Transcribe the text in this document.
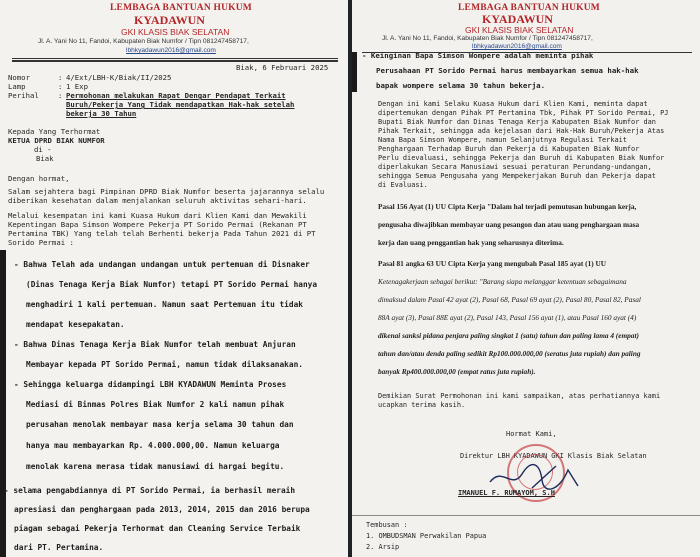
LEMBAGA BANTUAN HUKUM
KYADAWUN
GKI KLASIS BIAK SELATAN
Jl. A. Yani No 11, Fandoi, Kabupaten Biak Numfor / Tipn 081247458717,
lbhkyadawun2016@gmail.com
Biak, 6 Februari 2025
Nomor	: 4/Ext/LBH-K/Biak/II/2025
Lamp	: 1 Exp
Perihal	: Permohonan melakukan Rapat Dengar Pendapat Terkait
Buruh/Pekerja Yang Tidak mendapatkan Hak-hak setelah
bekerja 30 Tahun
Kepada Yang Terhormat
KETUA DPRD BIAK NUMFOR
di -
Biak
Dengan hormat,
Salam sejahtera bagi Pimpinan DPRD Biak Numfor beserta jajarannya selalu
diberikan kesehatan dalam menjalankan seluruh aktivitas sehari-hari.
Melalui kesempatan ini kami Kuasa Hukum dari Klien Kami dan Mewakili
Kepentingan Bapa Simson Wompere Pekerja PT Sorido Permai (Rekanan PT
Pertamina TBK) Yang telah telah Berhenti bekerja Pada Tahun 2021 di PT
Sorido Permai :
- Bahwa Telah ada undangan undangan untuk pertemuan di Disnaker
(Dinas Tenaga Kerja Biak Numfor) tetapi PT Sorido Permai hanya
menghadiri 1 kali pertemuan. Namun saat Pertemuan itu tidak
mendapat kesepakatan.
- Bahwa Dinas Tenaga Kerja Biak Numfor telah membuat Anjuran
Membayar kepada PT Sorido Permai, namun tidak dilaksanakan.
- Sehingga keluarga didampingi LBH KYADAWUN Meminta Proses
Mediasi di Binmas Polres Biak Numfor 2 kali namun pihak
perusahan menolak membayar masa kerja selama 30 tahun dan
hanya mau membayarkan Rp. 4.000.000,00. Namun keluarga
menolak karena merasa tidak manusiawi di hargai begitu.
- selama pengabdiannya di PT Sorido Permai, ia berhasil meraih
apresiasi dan penghargaan pada 2013, 2014, 2015 dan 2016 berupa
piagam sebagai Pekerja Terhormat dan Cleaning Service Terbaik
dari PT. Pertamina.
LEMBAGA BANTUAN HUKUM
KYADAWUN
GKI KLASIS BIAK SELATAN
Jl. A. Yani No 11, Fandoi, Kabupaten Biak Numfor / Tipn 081247458717,
lbhkyadawun2016@gmail.com
- Keinginan Bapa Simson Wompere adalah meminta pihak
Perusahaan PT Sorido Permai harus membayarkan semua hak-hak
bapak wompere selama 30 tahun bekerja.
Dengan ini kami Selaku Kuasa Hukum dari Klien Kami, meminta dapat
dipertemukan dengan Pihak PT Pertamina Tbk, Pihak PT Sorido Permai, PJ
Bupati Biak Numfor dan Dinas Tenaga Kerja Kabupaten Biak Numfor dan
Pihak Terkait, sehingga ada kejelasan dari Hak-Hak Buruh/Pekerja Atas
Nama Bapa Simson Wompere, namun Selanjutnya Regulasi Terkait
Penghargaan Terhadap Buruh dan Pekerja di Kabupaten Biak Numfor
Perlu dievaluasi, sehingga Pekerja dan Buruh di Kabupaten Biak Numfor
diperlakukan Secara Manusiawi sesuai peraturan Perundang-undangan,
sehingga Semua Pengusaha yang Mempekerjakan Buruh dan Pekerja dapat
di Evaluasi.
Pasal 156 Ayat (1) UU Cipta Kerja "Dalam hal terjadi pemutusan hubungan kerja,
pengusaha diwajibkan membayar uang pesangon dan atau uang penghargaan masa
kerja dan uang penggantian hak yang seharusnya diterima.
Pasal 81 angka 63 UU Cipta Kerja yang mengubah Pasal 185 ayat (1) UU
Ketenagakerjaan sebagai berikut: "Barang siapa melanggar ketentuan sebagaimana
dimaksud dalam Pasal 42 ayat (2), Pasal 68, Pasal 69 ayat (2), Pasal 80, Pasal 82, Pasal
88A ayat (3), Pasal 88E ayat (2), Pasal 143, Pasal 156 ayat (1), atau Pasal 160 ayat (4)
dikenai sanksi pidana penjara paling singkat 1 (satu) tahun dan paling lama 4 (empat)
tahun dan/atau denda paling sedikit Rp100.000.000,00 (seratus juta rupiah) dan paling
banyak Rp400.000.000,00 (empat ratus juta rupiah).
Demikian Surat Permohonan ini kami sampaikan, atas perhatiannya kami
ucapkan terima kasih.
Hormat Kami,
Direktur LBH KYADAWUN GKI Klasis Biak Selatan
IMANUEL F. RUMAYOM, S.H
Tembusan :
1. OMBUDSMAN Perwakilan Papua
2. Arsip
